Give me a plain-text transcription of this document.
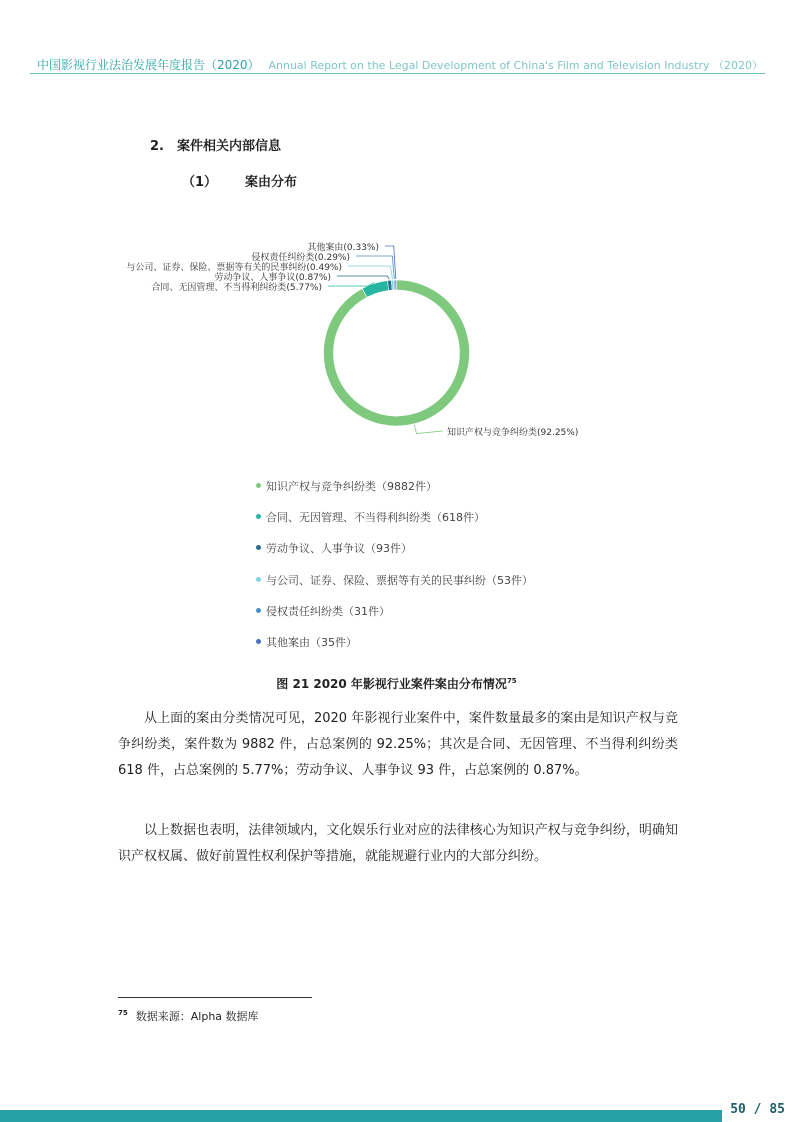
中国影视行业法治发展年度报告（2020） Annual Report on the Legal Development of China's Film and Television Industry （2020）
2.　案件相关内部信息
（1） 案由分布
知识产权与竞争纠纷类(92.25%)
合同、无因管理、不当得利纠纷类(5.77%)
劳动争议、人事争议(0.87%)
与公司、证券、保险、票据等有关的民事纠纷(0.49%)
侵权责任纠纷类(0.29%)
其他案由(0.33%)
知识产权与竞争纠纷类（9882件）
合同、无因管理、不当得利纠纷类（618件）
劳动争议、人事争议（93件）
与公司、证券、保险、票据等有关的民事纠纷（53件）
侵权责任纠纷类（31件）
其他案由（35件）
图 21 2020 年影视行业案件案由分布情况$^{75}$

从上面的案由分类情况可见，2020 年影视行业案件中，案件数量最多的案由是知识产权与竞争纠纷类，案件数为 9882 件，占总案例的 92.25%；其次是合同、无因管理、不当得利纠纷类 618 件，占总案例的 5.77%；劳动争议、人事争议 93 件，占总案例的 0.87%。

以上数据也表明，法律领域内，文化娱乐行业对应的法律核心为知识产权与竞争纠纷，明确知识产权权属、做好前置性权利保护等措施，就能规避行业内的大部分纠纷。

$^{75}$ 数据来源：Alpha 数据库
50 / 85
